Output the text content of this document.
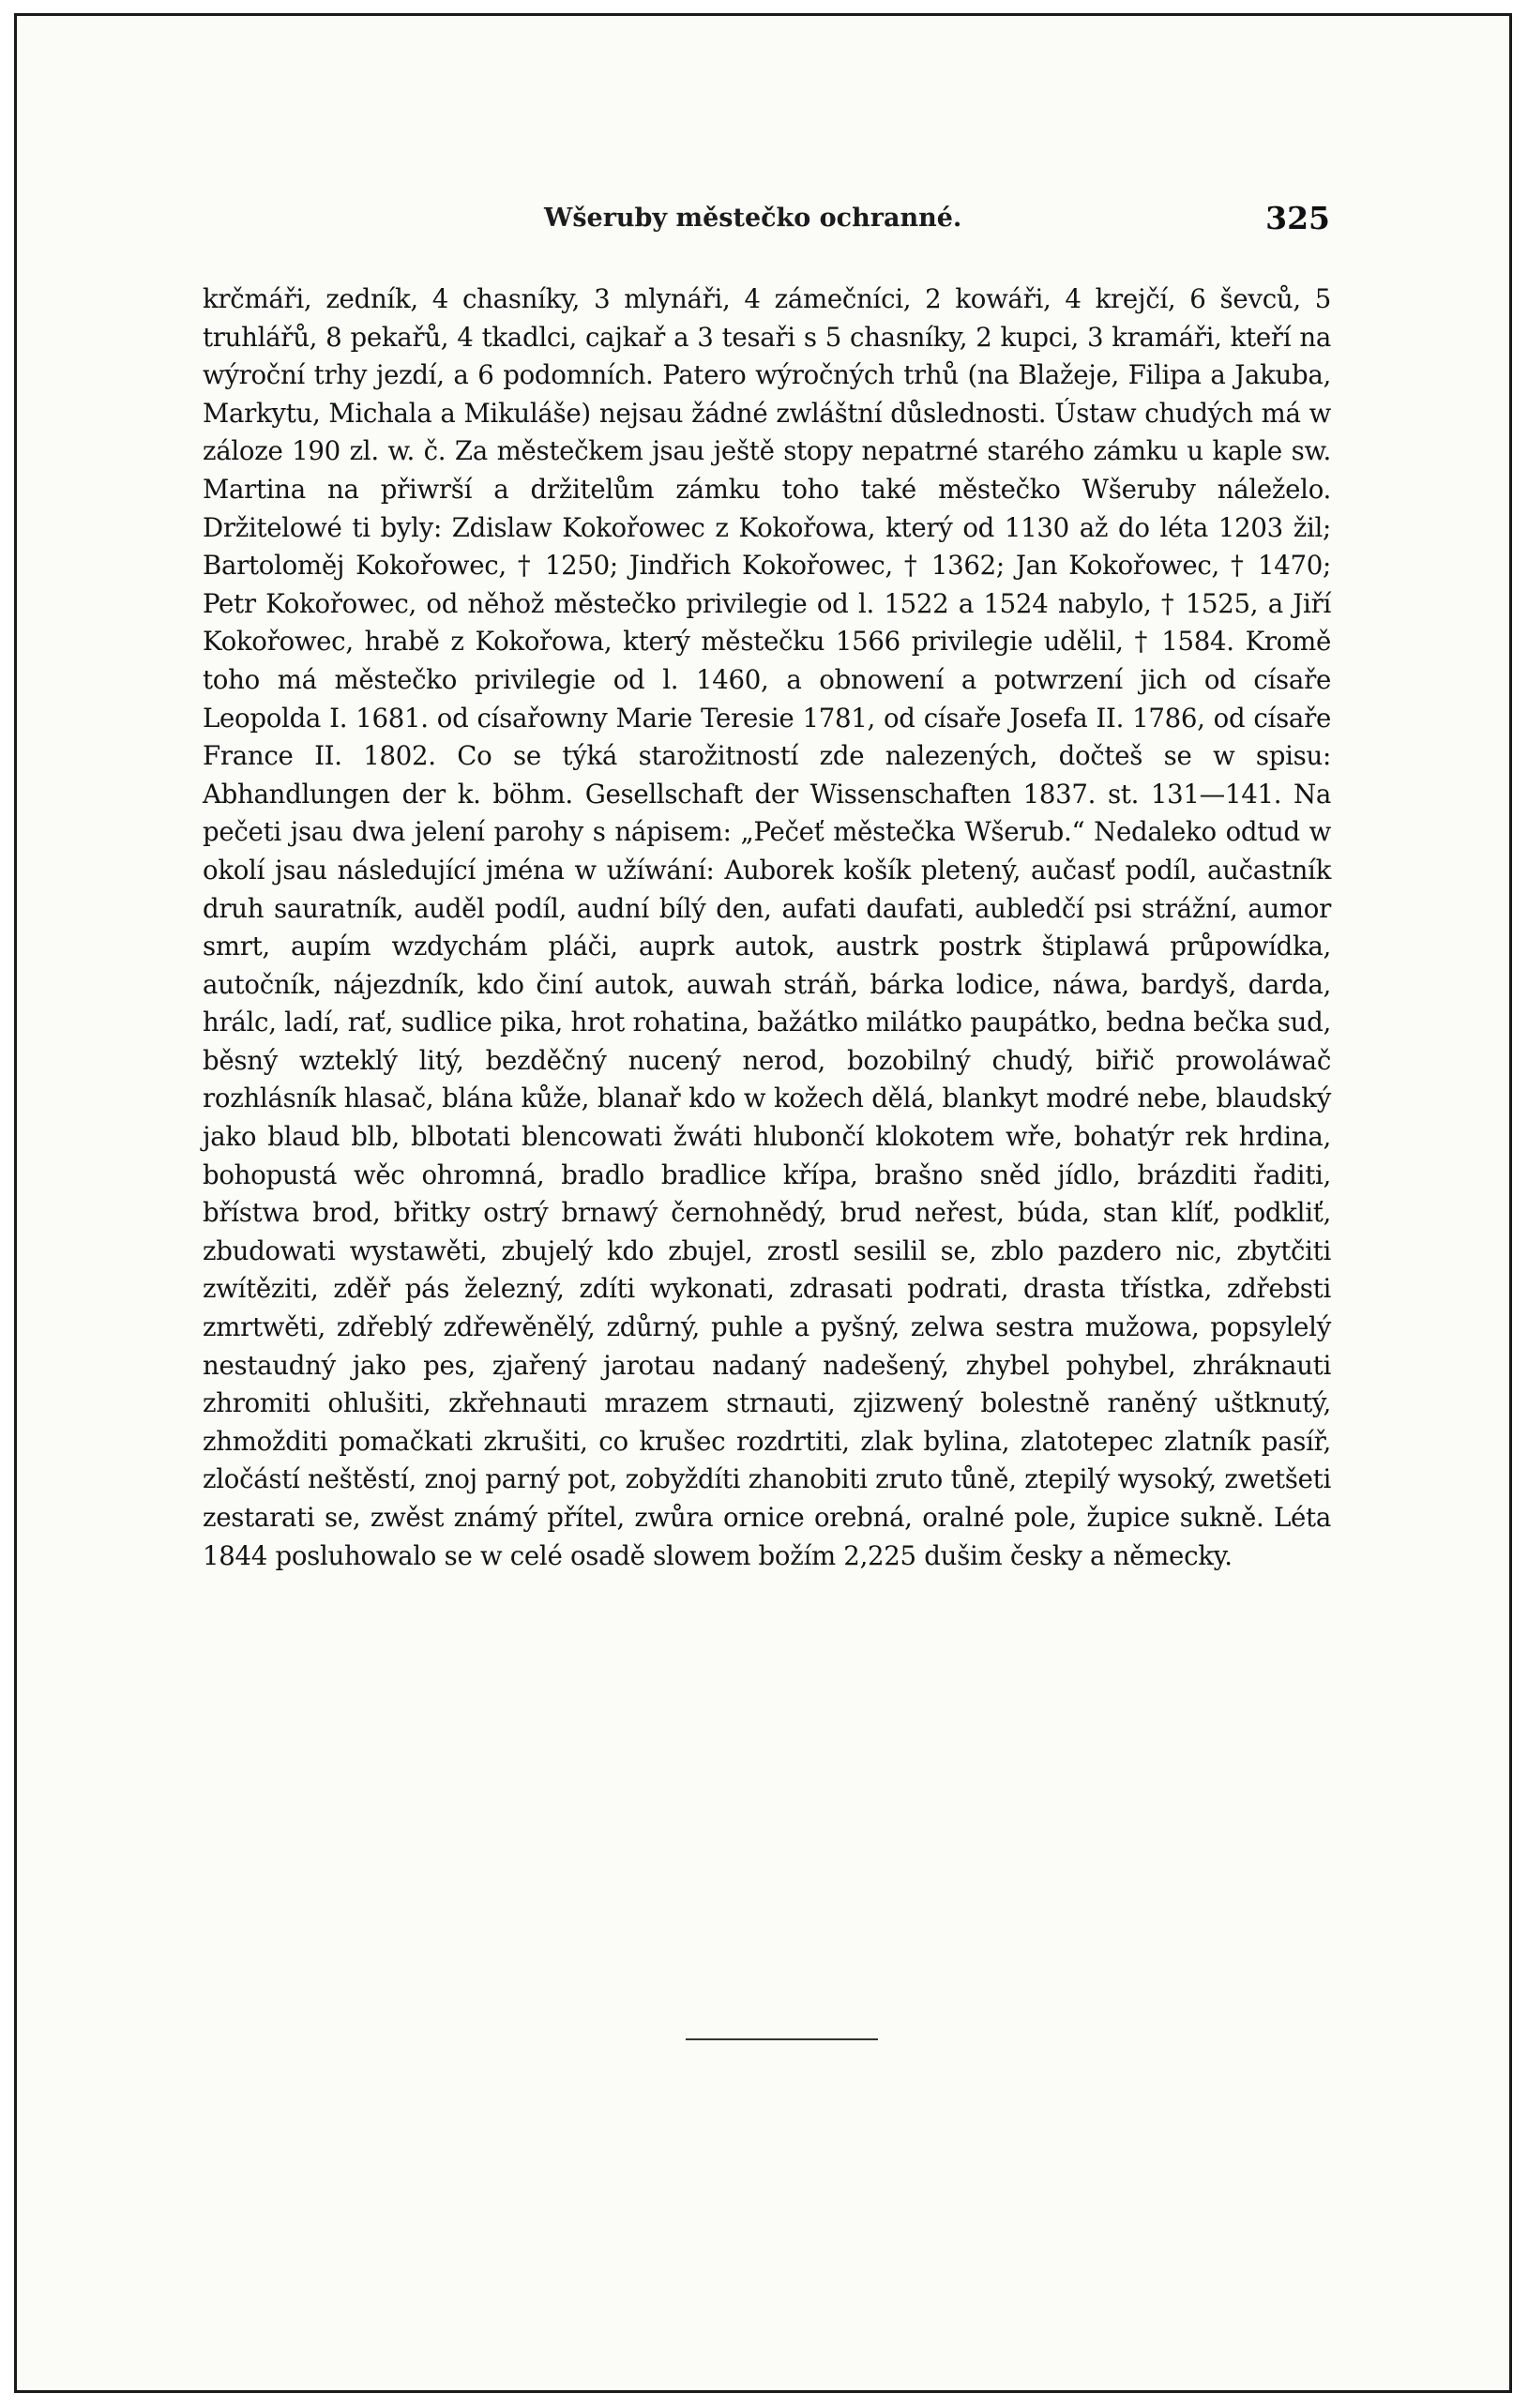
Wšeruby městečko ochranné.	325

krčmáři, zedník, 4 chasníky, 3 mlynáři, 4 zámečníci, 2 kowáři, 4 krejčí, 6 ševců, 5 truhlářů, 8 pekařů, 4 tkadlci, cajkař a 3 tesaři s 5 chasníky, 2 kupci, 3 kramáři, kteří na wýroční trhy jezdí, a 6 podomních. Patero wýročných trhů (na Blažeje, Filipa a Jakuba, Markytu, Michala a Mikuláše) nejsau žádné zwláštní důslednosti. Ústaw chudých má w záloze 190 zl. w. č. Za městečkem jsau ještě stopy nepatrné starého zámku u kaple sw. Martina na přiwrší a držitelům zámku toho také městečko Wšeruby náleželo. Držitelowé ti byly: Zdislaw Kokořowec z Kokořowa, který od 1130 až do léta 1203 žil; Bartoloměj Kokořowec, † 1250; Jindřich Kokořowec, † 1362; Jan Kokořowec, † 1470; Petr Kokořowec, od něhož městečko privilegie od l. 1522 a 1524 nabylo, † 1525, a Jiří Kokořowec, hrabě z Kokořowa, který městečku 1566 privilegie udělil, † 1584. Kromě toho má městečko privilegie od l. 1460, a obnowení a potwrzení jich od císaře Leopolda I. 1681. od císařowny Marie Teresie 1781, od císaře Josefa II. 1786, od císaře France II. 1802. Co se týká starožitností zde nalezených, dočteš se w spisu: Abhandlungen der k. böhm. Gesellschaft der Wissenschaften 1837. st. 131—141. Na pečeti jsau dwa jelení parohy s nápisem: „Pečeť městečka Wšerub.“ Nedaleko odtud w okolí jsau následující jména w užíwání: Auborek košík pletený, aučasť podíl, aučastník druh sauratník, auděl podíl, audní bílý den, aufati daufati, aubledčí psi strážní, aumor smrt, aupím wzdychám pláči, auprk autok, austrk postrk štiplawá průpowídka, autočník, nájezdník, kdo činí autok, auwah stráň, bárka lodice, náwa, bardyš, darda, hrálc, ladí, rať, sudlice pika, hrot rohatina, bažátko milátko paupátko, bedna bečka sud, běsný wzteklý litý, bezděčný nucený nerod, bozobilný chudý, biřič prowoláwač rozhlásník hlasač, blána kůže, blanař kdo w kožech dělá, blankyt modré nebe, blaudský jako blaud blb, blbotati blencowati žwáti hlubončí klokotem wře, bohatýr rek hrdina, bohopustá wěc ohromná, bradlo bradlice křípa, brašno sněd jídlo, brázditi řaditi, břístwa brod, břitky ostrý brnawý černohnědý, brud neřest, búda, stan klíť, podkliť, zbudowati wystawěti, zbujelý kdo zbujel, zrostl sesilil se, zblo pazdero nic, zbytčiti zwítěziti, zděř pás železný, zdíti wykonati, zdrasati podrati, drasta třístka, zdřebsti zmrtwěti, zdřeblý zdřewěnělý, zdůrný, puhle a pyšný, zelwa sestra mužowa, popsylelý nestaudný jako pes, zjařený jarotau nadaný nadešený, zhybel pohybel, zhráknauti zhromiti ohlušiti, zkřehnauti mrazem strnauti, zjizwený bolestně raněný uštknutý, zhmožditi pomačkati zkrušiti, co krušec rozdrtiti, zlak bylina, zlatotepec zlatník pasíř, zločástí neštěstí, znoj parný pot, zobyždíti zhanobiti zruto tůně, ztepilý wysoký, zwetšeti zestarati se, zwěst známý přítel, zwůra ornice orebná, oralné pole, župice sukně. Léta 1844 posluhowalo se w celé osadě slowem božím 2,225 dušim česky a německy.
